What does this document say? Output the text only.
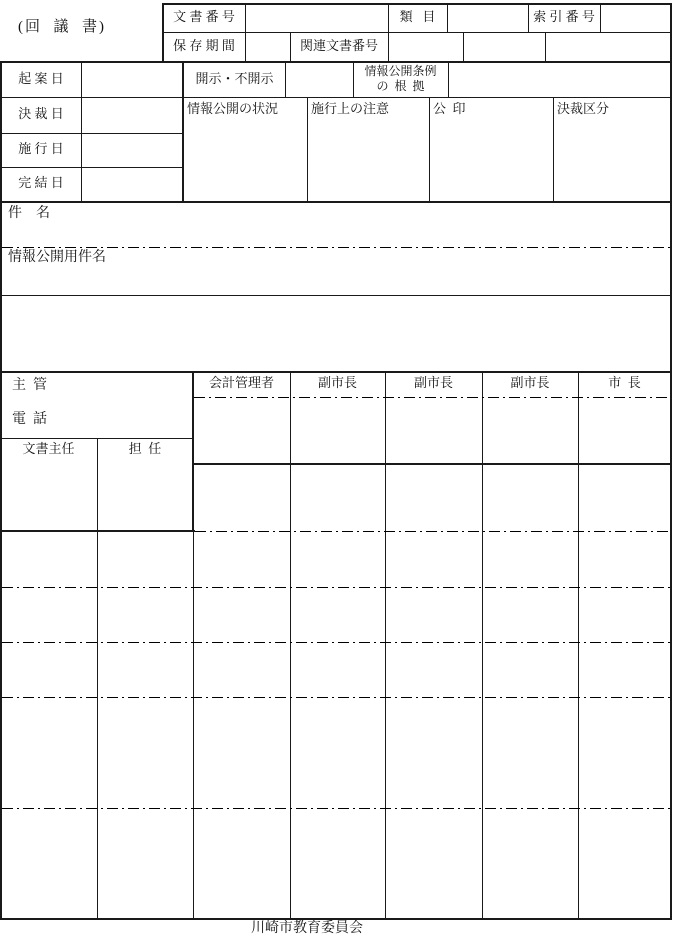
(回  議  書)
文 書 番 号	類   目	索 引 番 号
保 存 期 間	関連文書番号
起 案 日
決 裁 日
施 行 日
完 結 日
開示・不開示	情報公開条例
の  根  拠
情報公開の状況	施行上の注意	公  印	決裁区分
件    名
情報公開用件名
主  管
電  話
文書主任	担  任
会計管理者	副市長	副市長	副市長	市  長
川崎市教育委員会
